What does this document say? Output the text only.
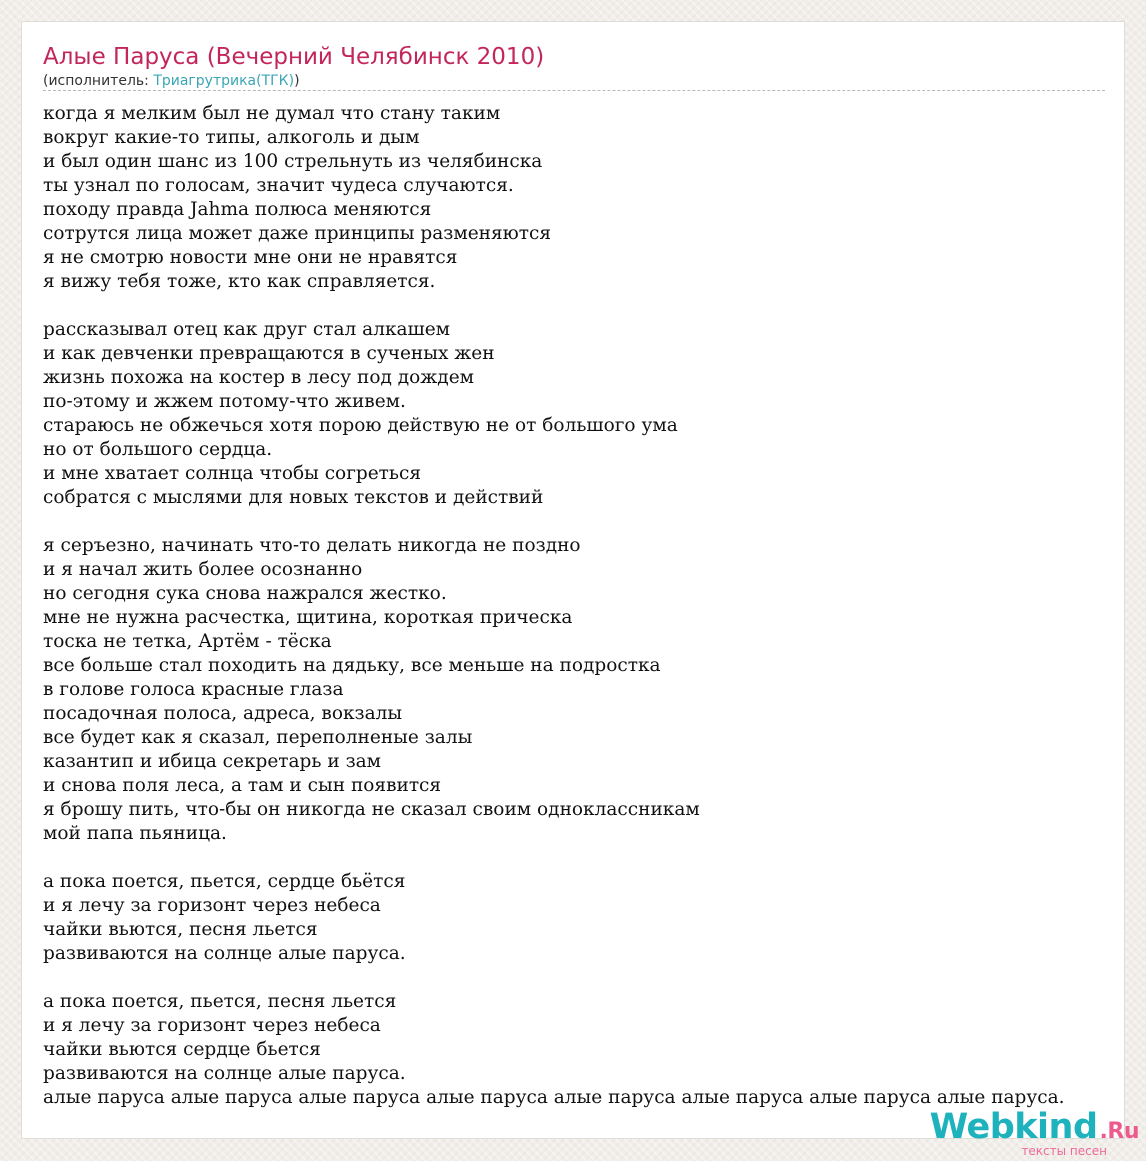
Алые Паруса (Вечерний Челябинск 2010)
(исполнитель: Триагрутрика(ТГК))
когда я мелким был не думал что стану таким
вокруг какие-то типы, алкоголь и дым
и был один шанс из 100 стрельнуть из челябинска
ты узнал по голосам, значит чудеса случаются.
походу правда Jahma полюса меняются
сотрутся лица может даже принципы разменяются
я не смотрю новости мне они не нравятся
я вижу тебя тоже, кто как справляется.
рассказывал отец как друг стал алкашем
и как девченки превращаются в сученых жен
жизнь похожа на костер в лесу под дождем
по-этому и жжем потому-что живем.
стараюсь не обжечься хотя порою действую не от большого ума
но от большого сердца.
и мне хватает солнца чтобы согреться
собратся с мыслями для новых текстов и действий
я серъезно, начинать что-то делать никогда не поздно
и я начал жить более осознанно
но сегодня сука снова нажрался жестко.
мне не нужна расчестка, щитина, короткая прическа
тоска не тетка, Артём - тёска
все больше стал походить на дядьку, все меньше на подростка
в голове голоса красные глаза
посадочная полоса, адреса, вокзалы
все будет как я сказал, переполненые залы
казантип и ибица секретарь и зам
и снова поля леса, а там и сын появится
я брошу пить, что-бы он никогда не сказал своим одноклассникам
мой папа пьяница.
а пока поется, пьется, сердце бьётся
и я лечу за горизонт через небеса
чайки вьются, песня льется
развиваются на солнце алые паруса.
а пока поется, пьется, песня льется
и я лечу за горизонт через небеса
чайки вьются сердце бьется
развиваются на солнце алые паруса.
алые паруса алые паруса алые паруса алые паруса алые паруса алые паруса алые паруса алые паруса.
Webkind.Ru
тексты песен
